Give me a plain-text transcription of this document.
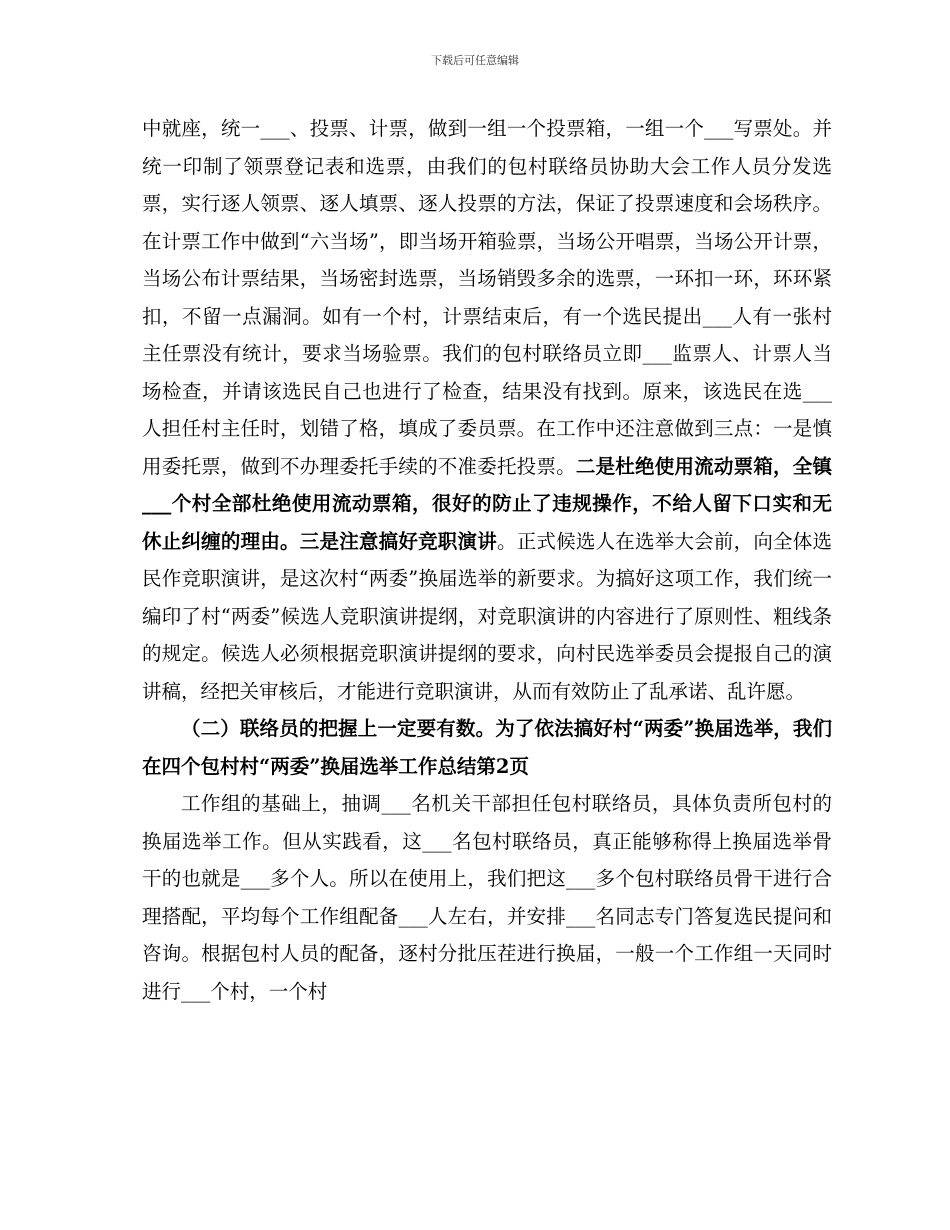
下载后可任意编辑

中就座，统一___、投票、计票，做到一组一个投票箱，一组一个___写票处。并统一印制了领票登记表和选票，由我们的包村联络员协助大会工作人员分发选票，实行逐人领票、逐人填票、逐人投票的方法，保证了投票速度和会场秩序。在计票工作中做到“六当场”，即当场开箱验票，当场公开唱票，当场公开计票，当场公布计票结果，当场密封选票，当场销毁多余的选票，一环扣一环，环环紧扣，不留一点漏洞。如有一个村，计票结束后，有一个选民提出___人有一张村主任票没有统计，要求当场验票。我们的包村联络员立即___监票人、计票人当场检查，并请该选民自己也进行了检查，结果没有找到。原来，该选民在选___人担任村主任时，划错了格，填成了委员票。在工作中还注意做到三点：一是慎用委托票，做到不办理委托手续的不准委托投票。二是杜绝使用流动票箱，全镇___个村全部杜绝使用流动票箱，很好的防止了违规操作，不给人留下口实和无休止纠缠的理由。三是注意搞好竞职演讲。正式候选人在选举大会前，向全体选民作竞职演讲，是这次村“两委”换届选举的新要求。为搞好这项工作，我们统一编印了村“两委”候选人竞职演讲提纲，对竞职演讲的内容进行了原则性、粗线条的规定。候选人必须根据竞职演讲提纲的要求，向村民选举委员会提报自己的演讲稿，经把关审核后，才能进行竞职演讲，从而有效防止了乱承诺、乱许愿。

（二）联络员的把握上一定要有数。为了依法搞好村“两委”换届选举，我们在四个包村村“两委”换届选举工作总结第2页

工作组的基础上，抽调___名机关干部担任包村联络员，具体负责所包村的换届选举工作。但从实践看，这___名包村联络员，真正能够称得上换届选举骨干的也就是___多个人。所以在使用上，我们把这___多个包村联络员骨干进行合理搭配，平均每个工作组配备___人左右，并安排___名同志专门答复选民提问和咨询。根据包村人员的配备，逐村分批压茬进行换届，一般一个工作组一天同时进行___个村，一个村
